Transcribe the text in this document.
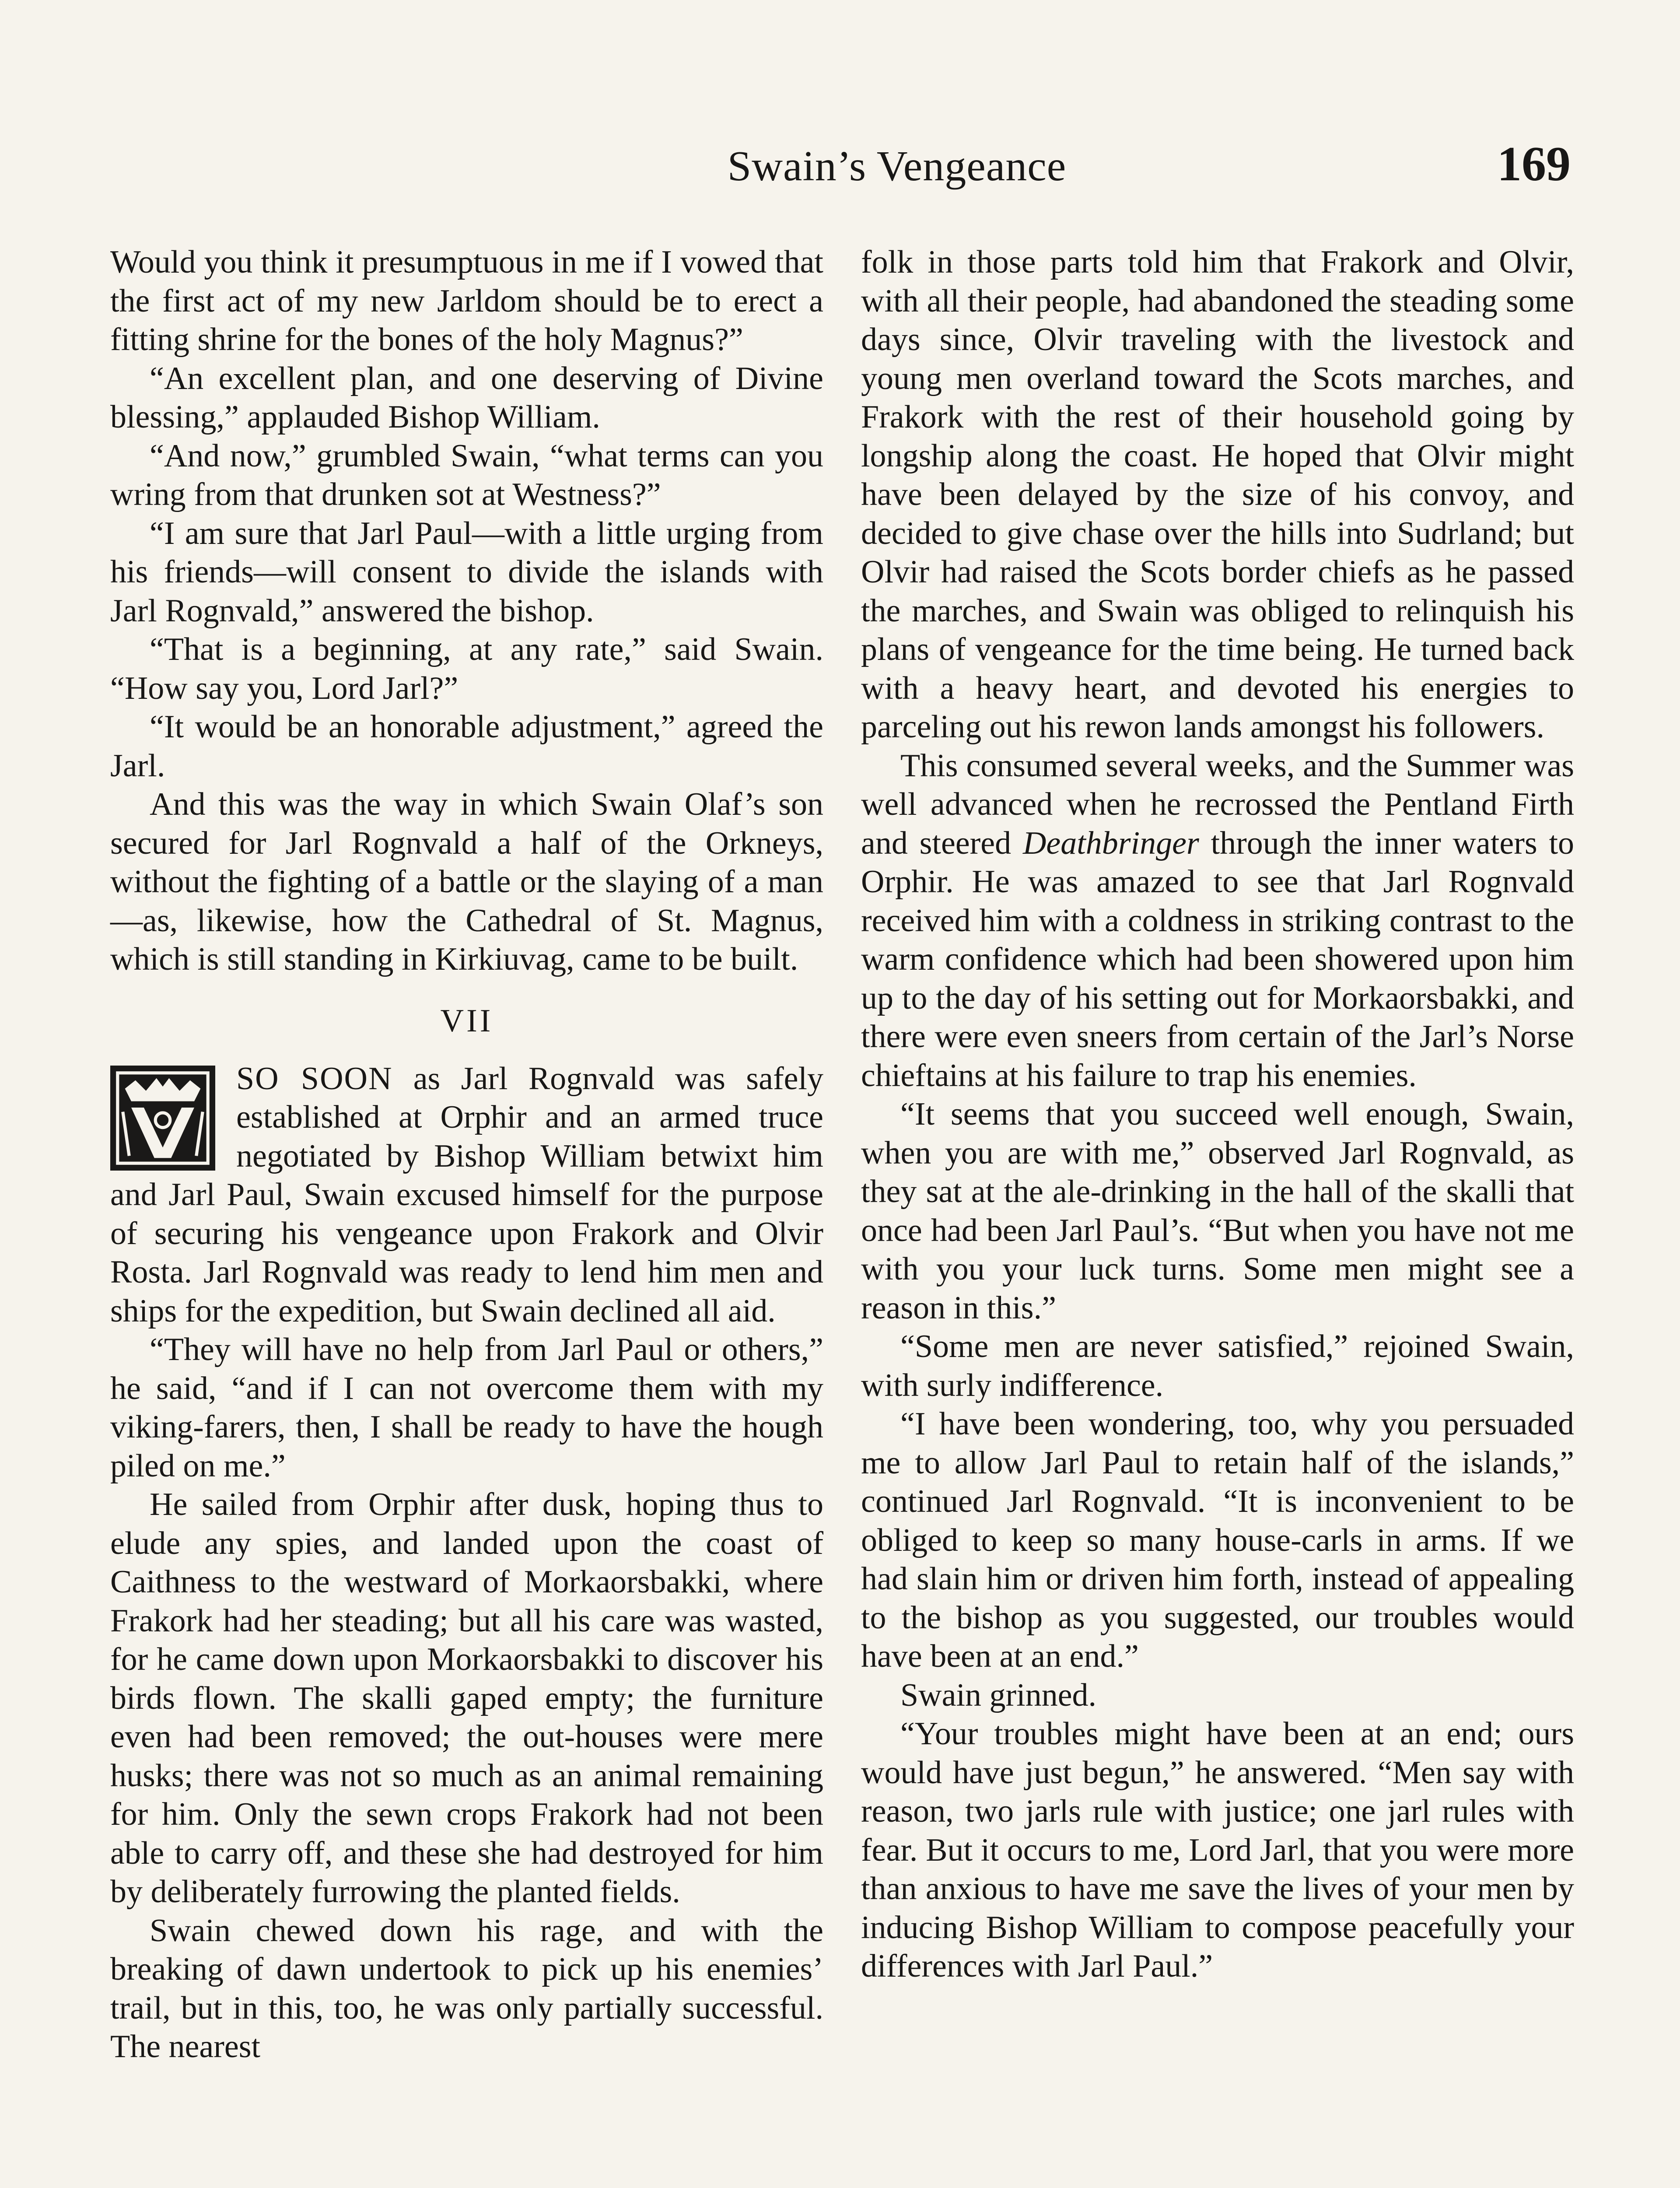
Swain’s Vengeance	169

Would you think it presumptuous in me if I vowed that the first act of my new Jarldom should be to erect a fitting shrine for the bones of the holy Magnus?”

“An excellent plan, and one deserving of Divine blessing,” applauded Bishop William.

“And now,” grumbled Swain, “what terms can you wring from that drunken sot at Westness?”

“I am sure that Jarl Paul—with a little urging from his friends—will consent to divide the islands with Jarl Rognvald,” answered the bishop.

“That is a beginning, at any rate,” said Swain. “How say you, Lord Jarl?”

“It would be an honorable adjustment,” agreed the Jarl.

And this was the way in which Swain Olaf’s son secured for Jarl Rognvald a half of the Orkneys, without the fighting of a battle or the slaying of a man—as, likewise, how the Cathedral of St. Magnus, which is still standing in Kirkiuvag, came to be built.

VII

SO SOON as Jarl Rognvald was safely established at Orphir and an armed truce negotiated by Bishop William betwixt him and Jarl Paul, Swain excused himself for the purpose of securing his vengeance upon Frakork and Olvir Rosta. Jarl Rognvald was ready to lend him men and ships for the expedition, but Swain declined all aid.

“They will have no help from Jarl Paul or others,” he said, “and if I can not overcome them with my viking-farers, then, I shall be ready to have the hough piled on me.”

He sailed from Orphir after dusk, hoping thus to elude any spies, and landed upon the coast of Caithness to the westward of Morkaorsbakki, where Frakork had her steading; but all his care was wasted, for he came down upon Morkaorsbakki to discover his birds flown. The skalli gaped empty; the furniture even had been removed; the out-houses were mere husks; there was not so much as an animal remaining for him. Only the sewn crops Frakork had not been able to carry off, and these she had destroyed for him by deliberately furrowing the planted fields.

Swain chewed down his rage, and with the breaking of dawn undertook to pick up his enemies’ trail, but in this, too, he was only partially successful. The nearest

folk in those parts told him that Frakork and Olvir, with all their people, had abandoned the steading some days since, Olvir traveling with the livestock and young men overland toward the Scots marches, and Frakork with the rest of their household going by longship along the coast. He hoped that Olvir might have been delayed by the size of his convoy, and decided to give chase over the hills into Sudrland; but Olvir had raised the Scots border chiefs as he passed the marches, and Swain was obliged to relinquish his plans of vengeance for the time being. He turned back with a heavy heart, and devoted his energies to parceling out his rewon lands amongst his followers.

This consumed several weeks, and the Summer was well advanced when he recrossed the Pentland Firth and steered Deathbringer through the inner waters to Orphir. He was amazed to see that Jarl Rognvald received him with a coldness in striking contrast to the warm confidence which had been showered upon him up to the day of his setting out for Morkaorsbakki, and there were even sneers from certain of the Jarl’s Norse chieftains at his failure to trap his enemies.

“It seems that you succeed well enough, Swain, when you are with me,” observed Jarl Rognvald, as they sat at the ale-drinking in the hall of the skalli that once had been Jarl Paul’s. “But when you have not me with you your luck turns. Some men might see a reason in this.”

“Some men are never satisfied,” rejoined Swain, with surly indifference.

“I have been wondering, too, why you persuaded me to allow Jarl Paul to retain half of the islands,” continued Jarl Rognvald. “It is inconvenient to be obliged to keep so many house-carls in arms. If we had slain him or driven him forth, instead of appealing to the bishop as you suggested, our troubles would have been at an end.”

Swain grinned.

“Your troubles might have been at an end; ours would have just begun,” he answered. “Men say with reason, two jarls rule with justice; one jarl rules with fear. But it occurs to me, Lord Jarl, that you were more than anxious to have me save the lives of your men by inducing Bishop William to compose peacefully your differences with Jarl Paul.”
